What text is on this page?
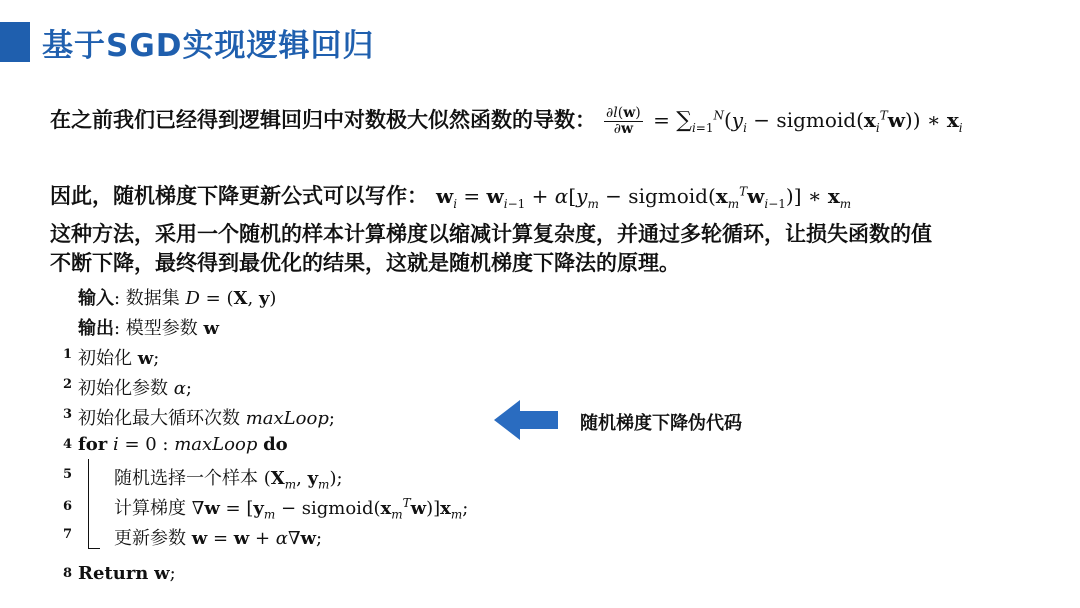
基于SGD实现逻辑回归
在之前我们已经得到逻辑回归中对数极大似然函数的导数： $\frac{\partial l(w)}{\partial w} = \sum_{i=1}^N(y_i$ − $sigmoid(x_i^Tw)$) ∗ $x_i$
因此，随机梯度下降更新公式可以写作： $w_i = w_{i-1} + \alpha[y_m$ − $sigmoid(x_m^Tw_{i-1})$] ∗ $x_m$
这种方法，采用一个随机的样本计算梯度以缩减计算复杂度，并通过多轮循环，让损失函数的值不断下降，最终得到最优化的结果，这就是随机梯度下降法的原理。
输入: 数据集 D = (X, y)
输出: 模型参数 w
1 初始化 w;
2 初始化参数 α;
3 初始化最大循环次数 maxLoop;
4 for i = 0 : maxLoop do
5 随机选择一个样本 ($X_m$, $y_m$);
6 计算梯度 $\nabla w = [y_m$ − $sigmoid(x_m^Tw)]x_m$;
7 更新参数 w = w + α∇w;
8 Return w;
随机梯度下降伪代码
